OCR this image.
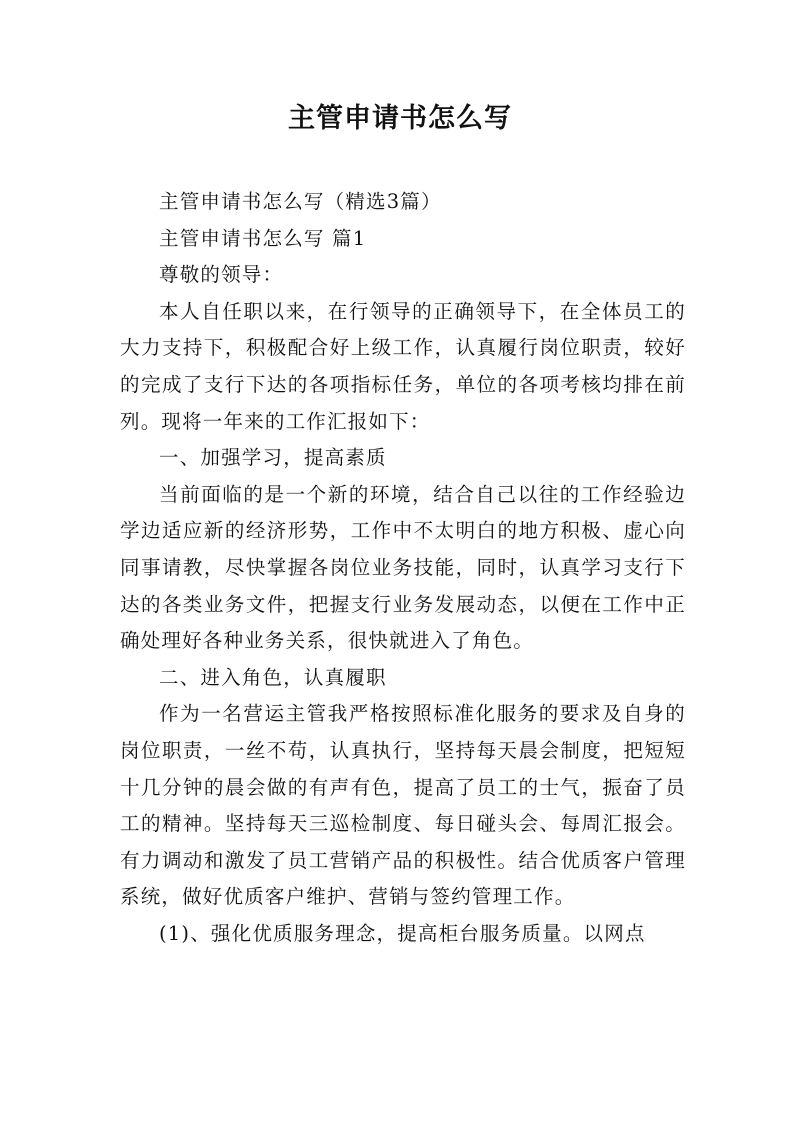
主管申请书怎么写

主管申请书怎么写（精选3篇）

主管申请书怎么写 篇1

尊敬的领导：

本人自任职以来，在行领导的正确领导下，在全体员工的大力支持下，积极配合好上级工作，认真履行岗位职责，较好的完成了支行下达的各项指标任务，单位的各项考核均排在前列。现将一年来的工作汇报如下：

一、加强学习，提高素质

当前面临的是一个新的环境，结合自己以往的工作经验边学边适应新的经济形势，工作中不太明白的地方积极、虚心向同事请教，尽快掌握各岗位业务技能，同时，认真学习支行下达的各类业务文件，把握支行业务发展动态，以便在工作中正确处理好各种业务关系，很快就进入了角色。

二、进入角色，认真履职

作为一名营运主管我严格按照标准化服务的要求及自身的岗位职责，一丝不苟，认真执行，坚持每天晨会制度，把短短十几分钟的晨会做的有声有色，提高了员工的士气，振奋了员工的精神。坚持每天三巡检制度、每日碰头会、每周汇报会。有力调动和激发了员工营销产品的积极性。结合优质客户管理系统，做好优质客户维护、营销与签约管理工作。

(1)、强化优质服务理念，提高柜台服务质量。以网点
